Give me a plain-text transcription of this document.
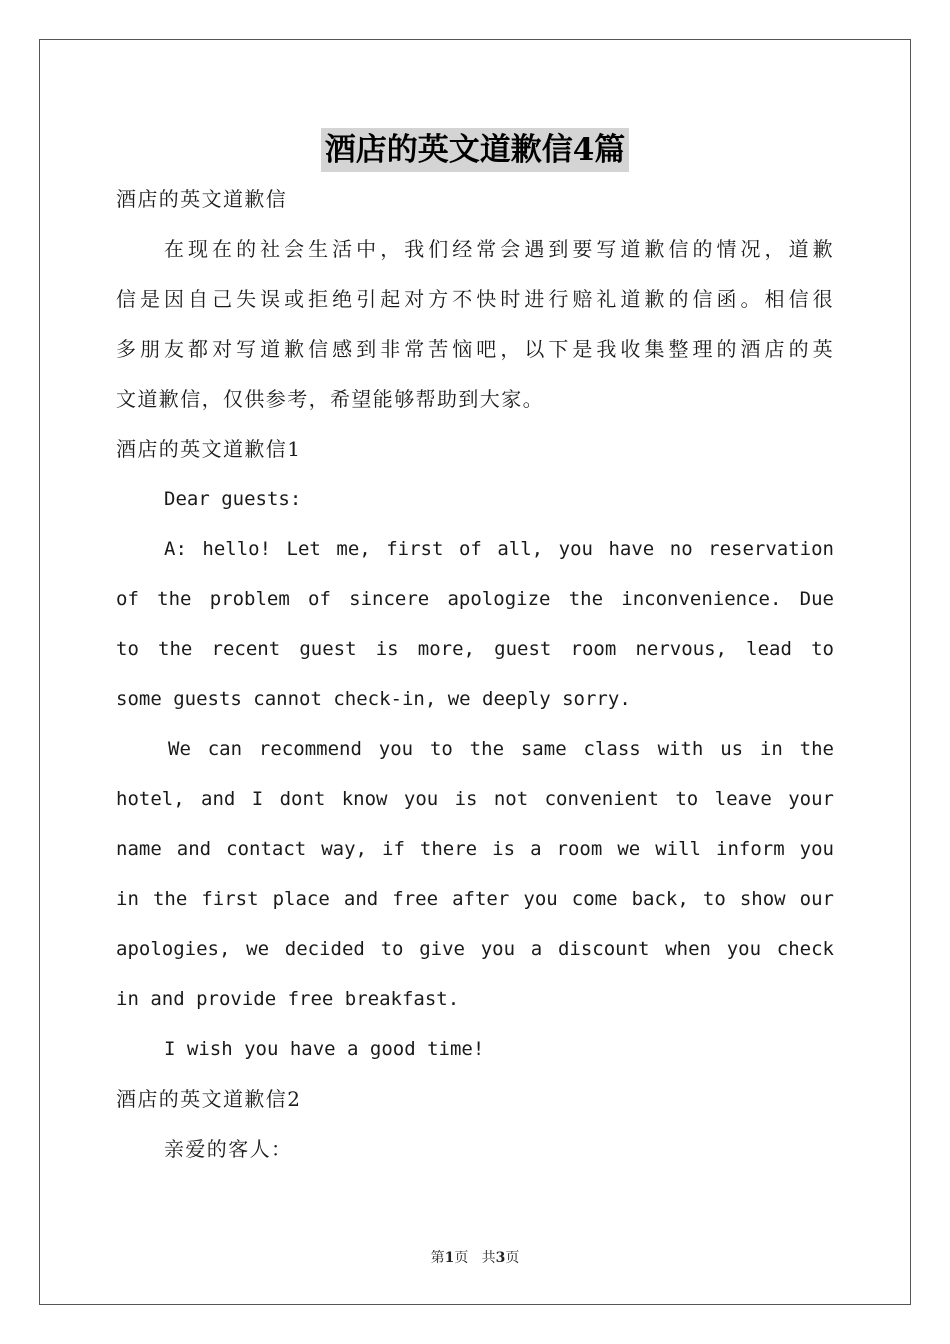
酒店的英文道歉信4篇
酒店的英文道歉信
在现在的社会生活中，我们经常会遇到要写道歉信的情况，道歉
信是因自己失误或拒绝引起对方不快时进行赔礼道歉的信函。相信很
多朋友都对写道歉信感到非常苦恼吧，以下是我收集整理的酒店的英
文道歉信，仅供参考，希望能够帮助到大家。
酒店的英文道歉信1
Dear guests:
A: hello! Let me, first of all, you have no reservation
of the problem of sincere apologize the inconvenience. Due
to the recent guest is more, guest room nervous, lead to
some guests cannot check-in, we deeply sorry.
We can recommend you to the same class with us in the
hotel, and I dont know you is not convenient to leave your
name and contact way, if there is a room we will inform you
in the first place and free after you come back, to show our
apologies, we decided to give you a discount when you check
in and provide free breakfast.
I wish you have a good time!
酒店的英文道歉信2
亲爱的客人：
第1页 共3页
